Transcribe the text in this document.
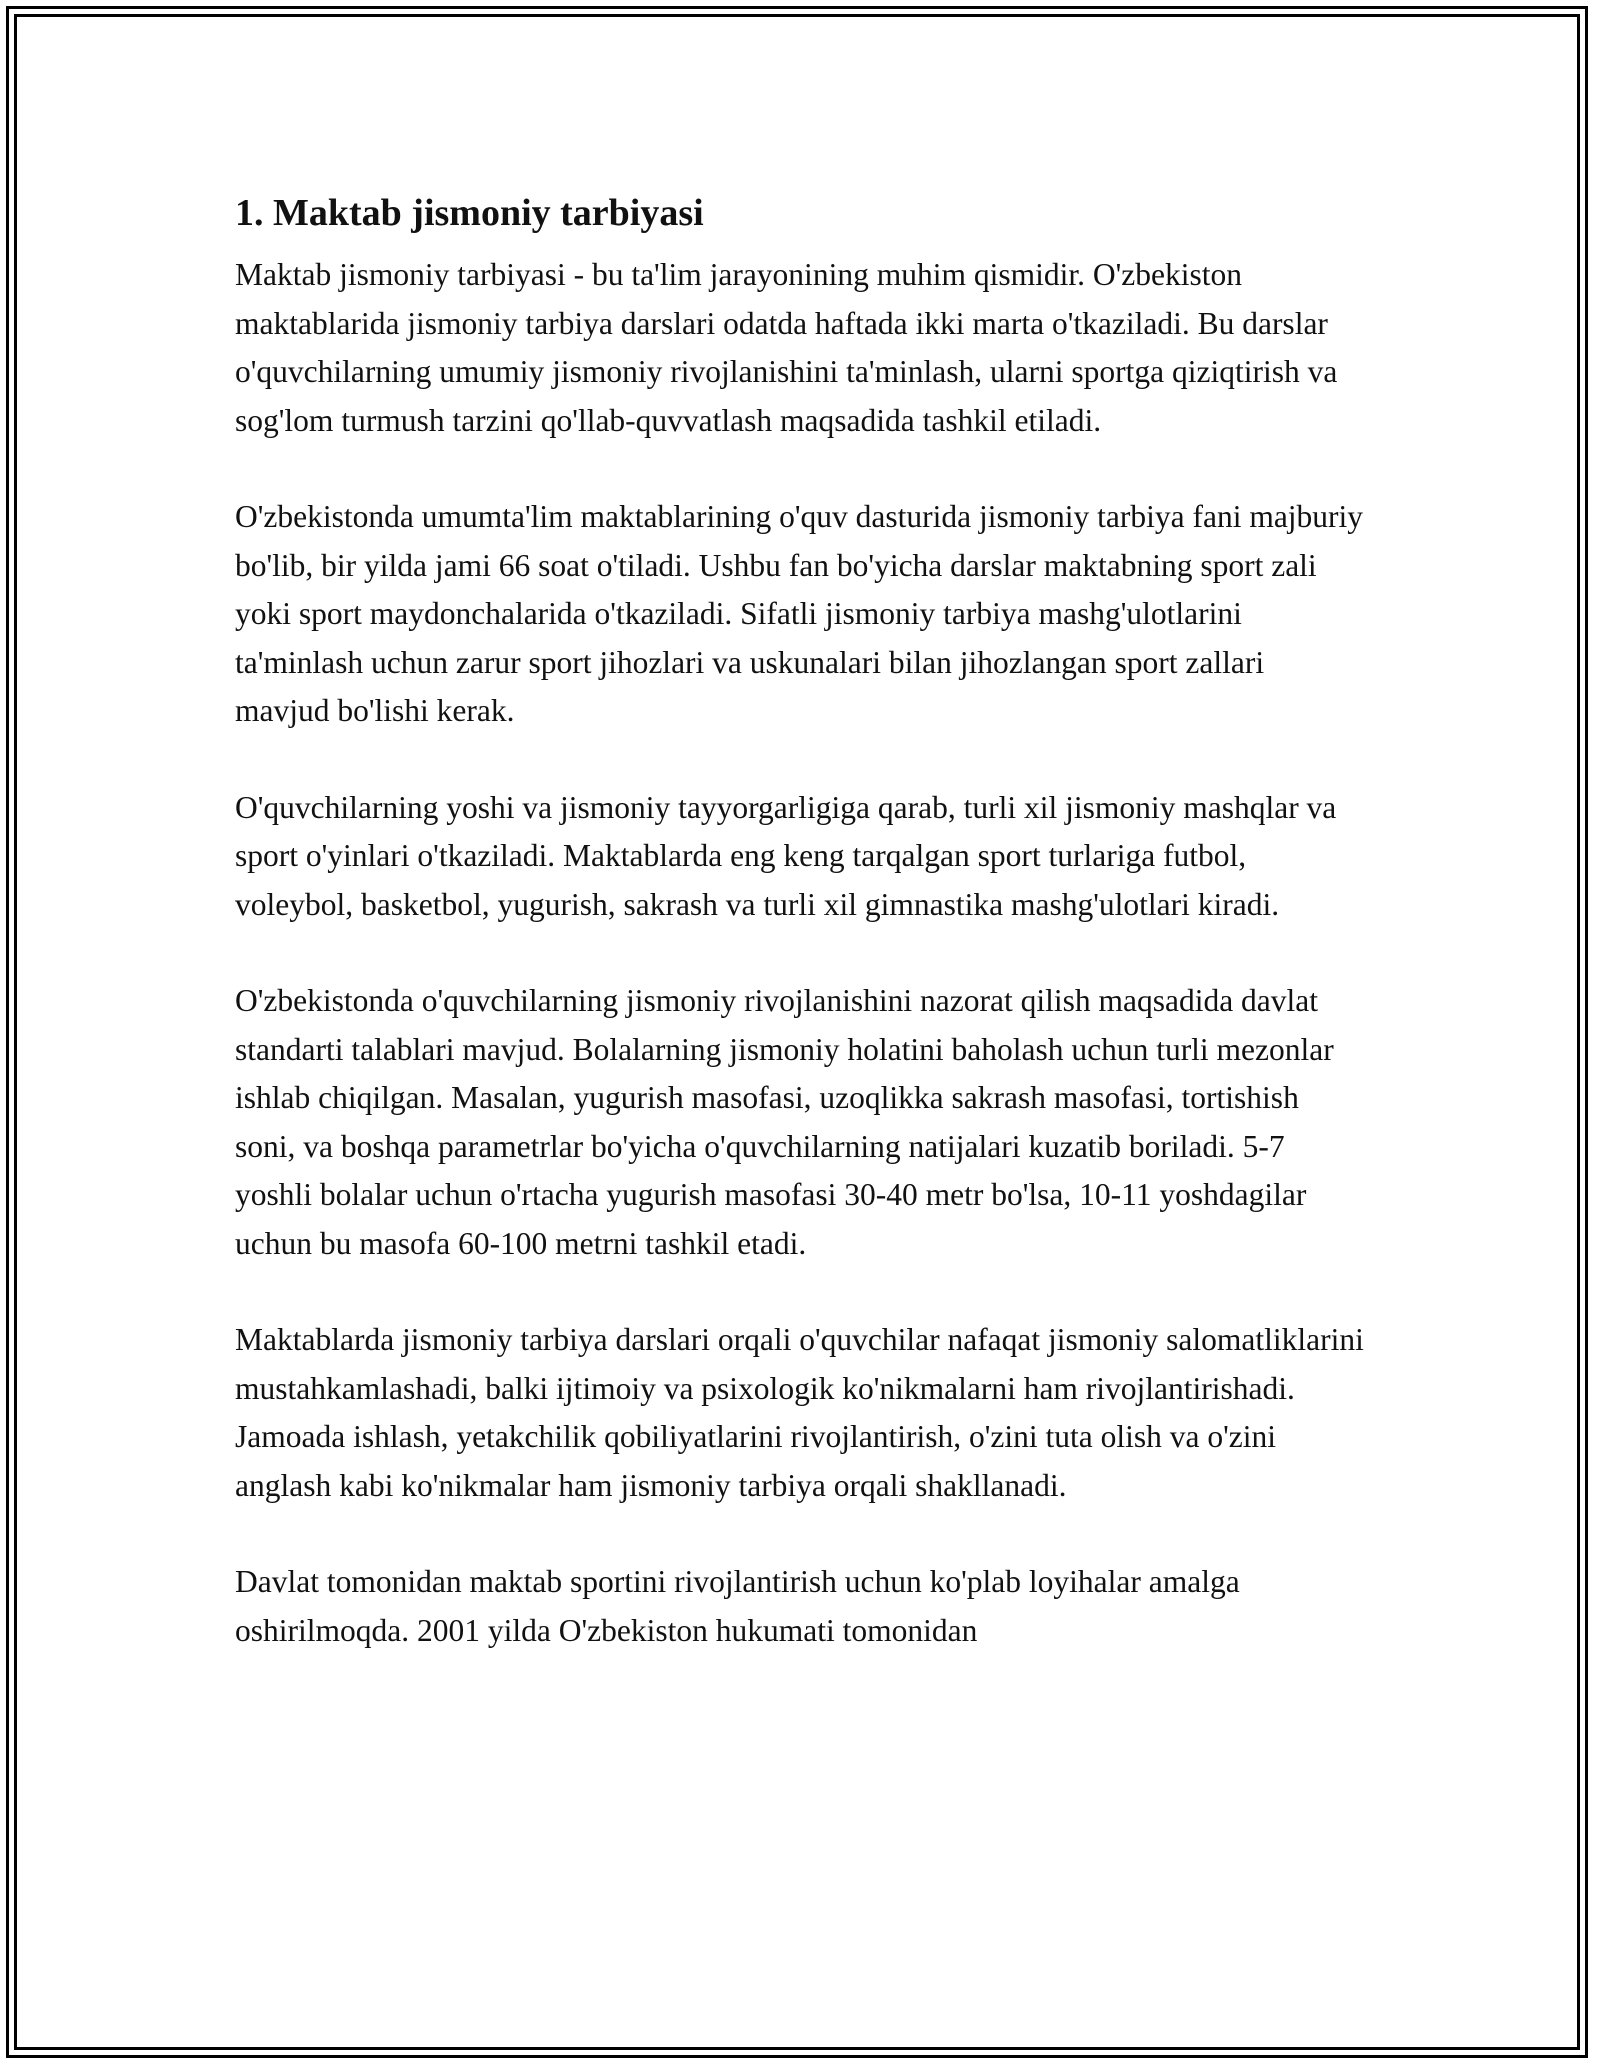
1. Maktab jismoniy tarbiyasi

Maktab jismoniy tarbiyasi - bu ta'lim jarayonining muhim qismidir. O'zbekiston maktablarida jismoniy tarbiya darslari odatda haftada ikki marta o'tkaziladi. Bu darslar o'quvchilarning umumiy jismoniy rivojlanishini ta'minlash, ularni sportga qiziqtirish va sog'lom turmush tarzini qo'llab-quvvatlash maqsadida tashkil etiladi.

O'zbekistonda umumta'lim maktablarining o'quv dasturida jismoniy tarbiya fani majburiy bo'lib, bir yilda jami 66 soat o'tiladi. Ushbu fan bo'yicha darslar maktabning sport zali yoki sport maydonchalarida o'tkaziladi. Sifatli jismoniy tarbiya mashg'ulotlarini ta'minlash uchun zarur sport jihozlari va uskunalari bilan jihozlangan sport zallari mavjud bo'lishi kerak.

O'quvchilarning yoshi va jismoniy tayyorgarligiga qarab, turli xil jismoniy mashqlar va sport o'yinlari o'tkaziladi. Maktablarda eng keng tarqalgan sport turlariga futbol, voleybol, basketbol, yugurish, sakrash va turli xil gimnastika mashg'ulotlari kiradi.

O'zbekistonda o'quvchilarning jismoniy rivojlanishini nazorat qilish maqsadida davlat standarti talablari mavjud. Bolalarning jismoniy holatini baholash uchun turli mezonlar ishlab chiqilgan. Masalan, yugurish masofasi, uzoqlikka sakrash masofasi, tortishish soni, va boshqa parametrlar bo'yicha o'quvchilarning natijalari kuzatib boriladi. 5-7 yoshli bolalar uchun o'rtacha yugurish masofasi 30-40 metr bo'lsa, 10-11 yoshdagilar uchun bu masofa 60-100 metrni tashkil etadi.

Maktablarda jismoniy tarbiya darslari orqali o'quvchilar nafaqat jismoniy salomatliklarini mustahkamlashadi, balki ijtimoiy va psixologik ko'nikmalarni ham rivojlantirishadi. Jamoada ishlash, yetakchilik qobiliyatlarini rivojlantirish, o'zini tuta olish va o'zini anglash kabi ko'nikmalar ham jismoniy tarbiya orqali shakllanadi.

Davlat tomonidan maktab sportini rivojlantirish uchun ko'plab loyihalar amalga oshirilmoqda. 2001 yilda O'zbekiston hukumati tomonidan
